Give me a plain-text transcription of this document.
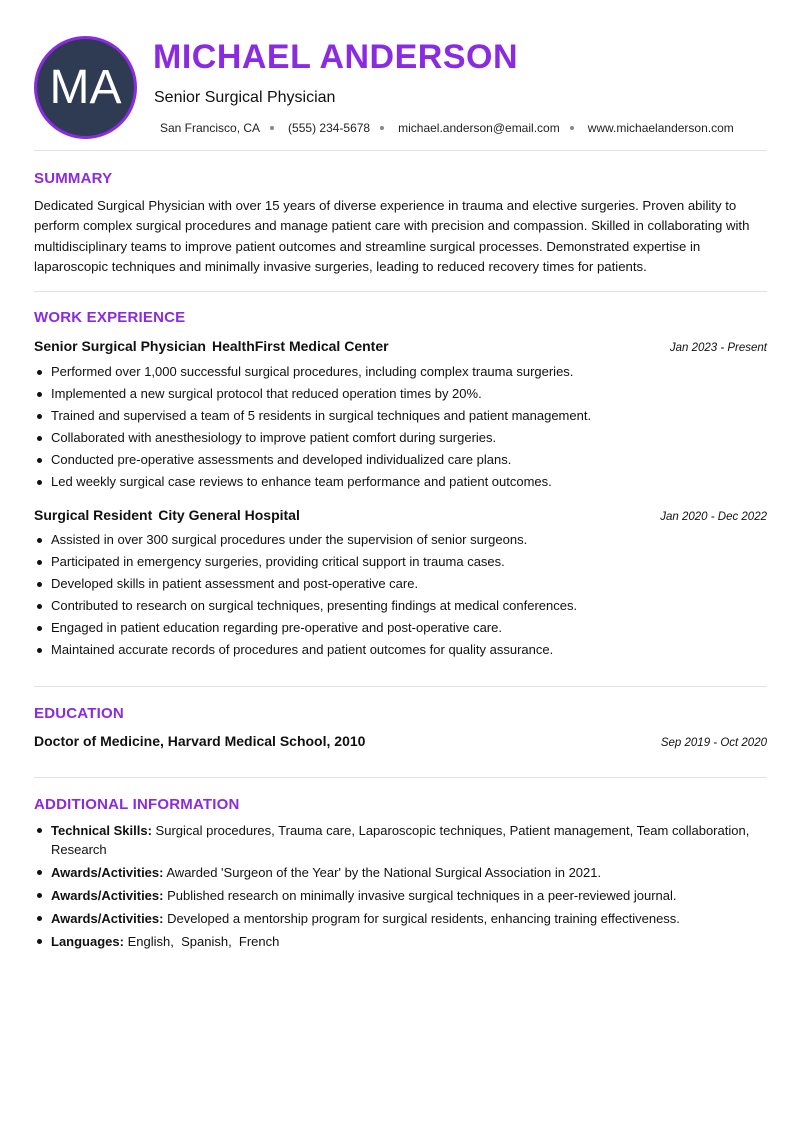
MA
MICHAEL ANDERSON
Senior Surgical Physician
San Francisco, CA (555) 234-5678 michael.anderson@email.com www.michaelanderson.com
SUMMARY
Dedicated Surgical Physician with over 15 years of diverse experience in trauma and elective surgeries. Proven ability to perform complex surgical procedures and manage patient care with precision and compassion. Skilled in collaborating with multidisciplinary teams to improve patient outcomes and streamline surgical processes. Demonstrated expertise in laparoscopic techniques and minimally invasive surgeries, leading to reduced recovery times for patients.
WORK EXPERIENCE
Senior Surgical Physician HealthFirst Medical Center	Jan 2023 - Present
Performed over 1,000 successful surgical procedures, including complex trauma surgeries.
Implemented a new surgical protocol that reduced operation times by 20%.
Trained and supervised a team of 5 residents in surgical techniques and patient management.
Collaborated with anesthesiology to improve patient comfort during surgeries.
Conducted pre-operative assessments and developed individualized care plans.
Led weekly surgical case reviews to enhance team performance and patient outcomes.
Surgical Resident City General Hospital	Jan 2020 - Dec 2022
Assisted in over 300 surgical procedures under the supervision of senior surgeons.
Participated in emergency surgeries, providing critical support in trauma cases.
Developed skills in patient assessment and post-operative care.
Contributed to research on surgical techniques, presenting findings at medical conferences.
Engaged in patient education regarding pre-operative and post-operative care.
Maintained accurate records of procedures and patient outcomes for quality assurance.
EDUCATION
Doctor of Medicine, Harvard Medical School, 2010	Sep 2019 - Oct 2020
ADDITIONAL INFORMATION
Technical Skills: Surgical procedures, Trauma care, Laparoscopic techniques, Patient management, Team collaboration, Research
Awards/Activities: Awarded 'Surgeon of the Year' by the National Surgical Association in 2021.
Awards/Activities: Published research on minimally invasive surgical techniques in a peer-reviewed journal.
Awards/Activities: Developed a mentorship program for surgical residents, enhancing training effectiveness.
Languages: English ,  Spanish ,  French
